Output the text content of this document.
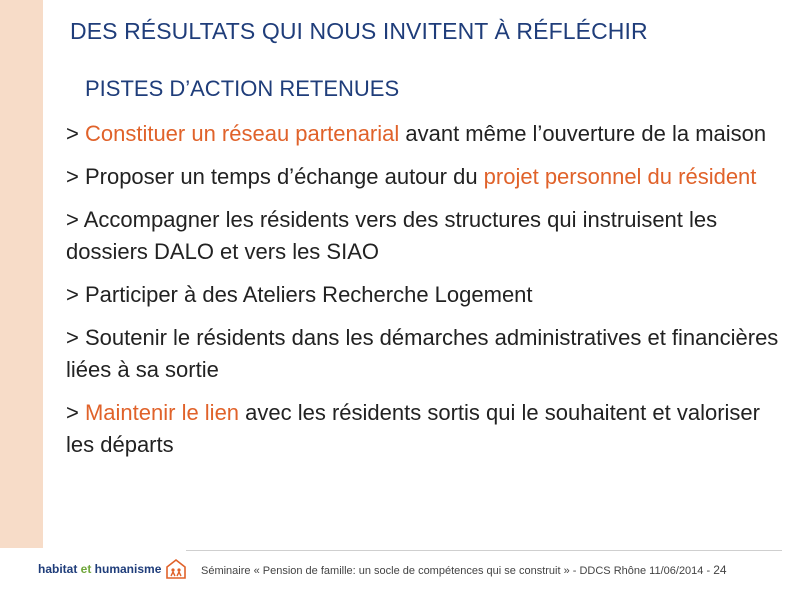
DES RÉSULTATS QUI NOUS INVITENT À RÉFLÉCHIR
PISTES D’ACTION RETENUES
> Constituer un réseau partenarial avant même l’ouverture de la maison
> Proposer un temps d’échange autour du projet personnel du résident
> Accompagner les résidents vers des structures qui instruisent les dossiers DALO et vers les SIAO
> Participer à des Ateliers Recherche Logement
> Soutenir le résidents dans les démarches administratives et financières liées à sa sortie
> Maintenir le lien avec les résidents sortis qui le souhaitent et valoriser les départs
habitat et humanisme	Séminaire « Pension de famille: un socle de compétences qui se construit » - DDCS Rhône 11/06/2014 - 24
